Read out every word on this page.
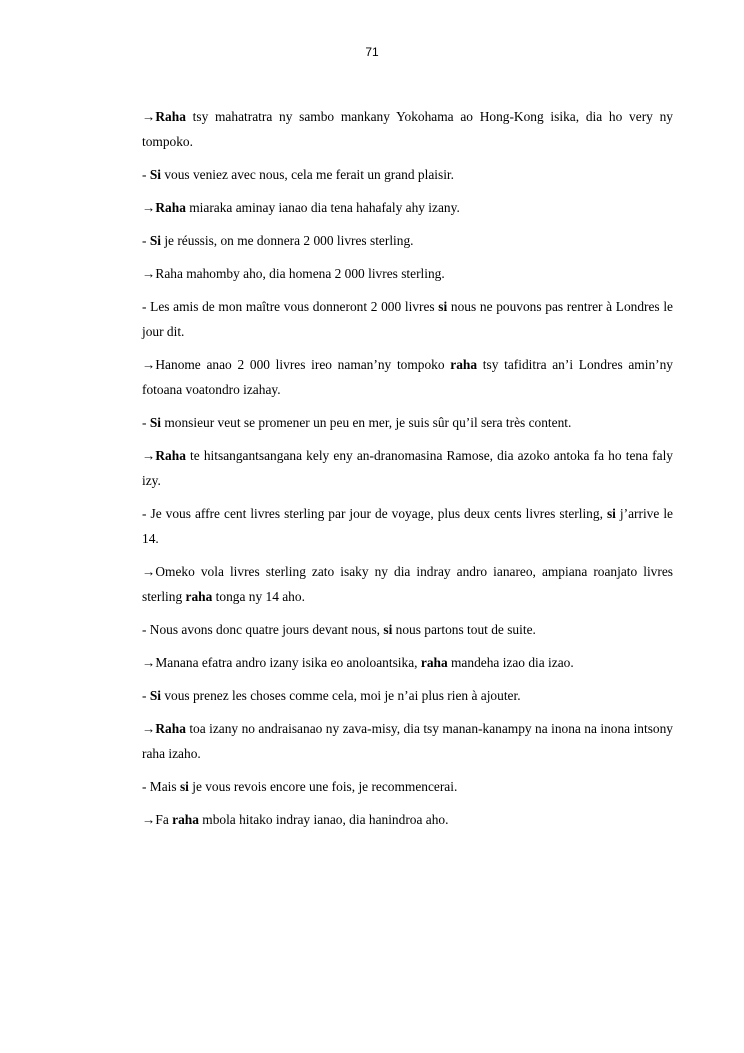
71

→Raha tsy mahatratra ny sambo mankany Yokohama ao Hong-Kong isika, dia ho very ny tompoko.

- Si vous veniez avec nous, cela me ferait un grand plaisir.

→Raha miaraka aminay ianao dia tena hahafaly ahy izany.

- Si je réussis, on me donnera 2 000 livres sterling.

→Raha mahomby aho, dia homena 2 000 livres sterling.

- Les amis de mon maître vous donneront 2 000 livres si nous ne pouvons pas rentrer à Londres le jour dit.

→Hanome anao 2 000 livres ireo naman’ny tompoko raha tsy tafiditra an’i Londres amin’ny fotoana voatondro izahay.

- Si monsieur veut se promener un peu en mer, je suis sûr qu’il sera très content.

→Raha te hitsangantsangana kely eny an-dranomasina Ramose, dia azoko antoka fa ho tena faly izy.

- Je vous affre cent livres sterling par jour de voyage, plus deux cents livres sterling, si j’arrive le 14.

→Omeko vola livres sterling zato isaky ny dia indray andro ianareo, ampiana roanjato livres sterling raha tonga ny 14 aho.

- Nous avons donc quatre jours devant nous, si nous partons tout de suite.

→Manana efatra andro izany isika eo anoloantsika, raha mandeha izao dia izao.

- Si vous prenez les choses comme cela, moi je n’ai plus rien à ajouter.

→Raha toa izany no andraisanao ny zava-misy, dia tsy manan-kanampy na inona na inona intsony raha izaho.

- Mais si je vous revois encore une fois, je recommencerai.

→Fa raha mbola hitako indray ianao, dia hanindroa aho.
